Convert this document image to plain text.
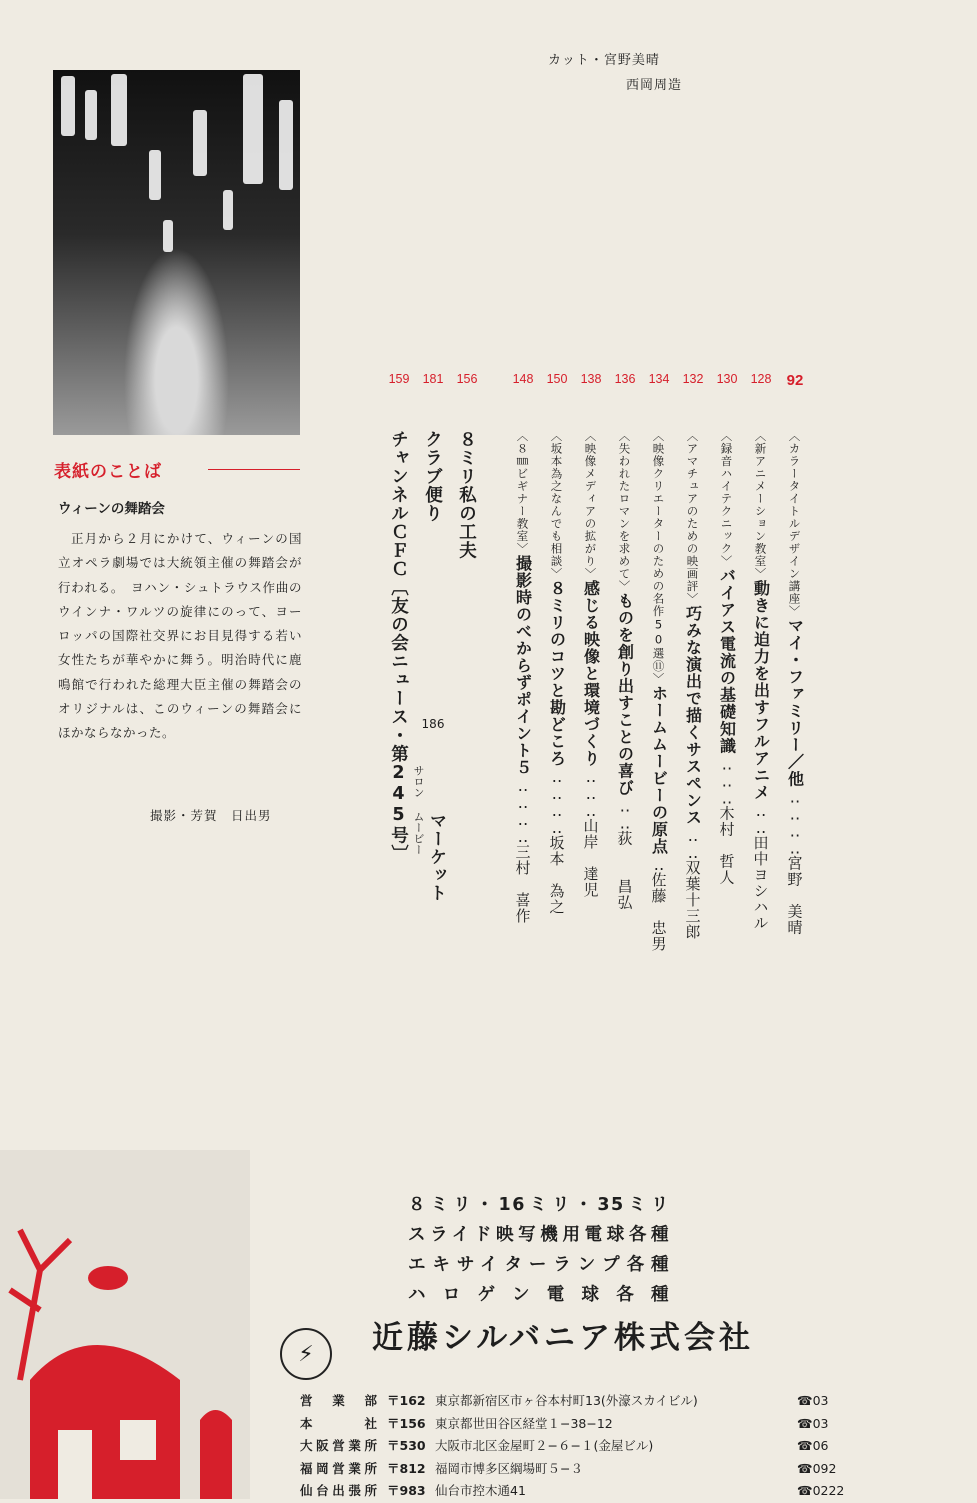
カット・宮野美晴
西岡周造
表紙のことば
ウィーンの舞踏会
正月から２月にかけて、ウィーンの国立オペラ劇場では大統領主催の舞踏会が行われる。　ヨハン・シュトラウス作曲のウインナ・ワルツの旋律にのって、ヨーロッパの国際社交界にお目見得する若い女性たちが華やかに舞う。明治時代に鹿鳴館で行われた総理大臣主催の舞踏会のオリジナルは、このウィーンの舞踏会にほかならなかった。
撮影・芳賀　日出男
92
〈カラータイトルデザイン講座〉マイ・ファミリー／他‥‥‥‥宮野　美晴
128
〈新アニメーション教室〉動きに迫力を出すフルアニメ‥‥田中ヨシハル
130
〈録音ハイテクニック〉バイアス電流の基礎知識‥‥‥木村　哲人
132
〈アマチュアのための映画評〉巧みな演出で描くサスペンス‥‥双葉十三郎
134
〈映像クリエーターのための名作50選⑪〉ホームムービーの原点‥佐藤　忠男
136
〈失われたロマンを求めて〉ものを創り出すことの喜び‥‥荻　　昌弘
138
〈映像メディアの拡がり〉感じる映像と環境づくり‥‥‥山岸　達児
150
〈坂本為之なんでも相談〉８ミリのコツと勘どころ‥‥‥‥坂本　為之
148
〈８㎜ビギナー教室〉撮影時のべからずポイント５‥‥‥‥三村　喜作
156
８ミリ私の工夫
181
クラブ便り
186
サロン ムービー
マーケット
159
チャンネルＣＦＣ〔友の会ニュース・第245号〕
８ミリ・16ミリ・35ミリ
スライド映写機用電球各種
エキサイターランプ各種
ハロゲン電球各種
⚡ 近藤シルバニア株式会社
営業部 〒162 東京都新宿区市ヶ谷本村町13(外濠スカイビル)	☎03
本社 〒156 東京都世田谷区経堂１−38−12	☎03
大阪営業所 〒530 大阪市北区金屋町２−６−１(金屋ビル)	☎06
福岡営業所 〒812 福岡市博多区綱場町５−３	☎092
仙台出張所 〒983 仙台市控木通41	☎0222
